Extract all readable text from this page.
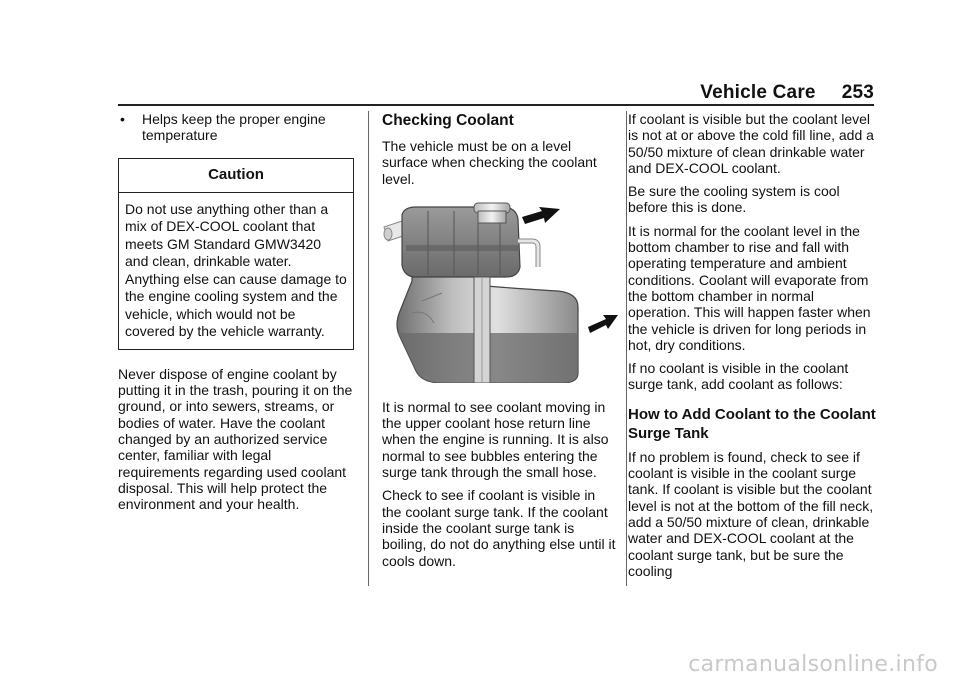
Vehicle Care 253
• Helps keep the proper engine temperature
Caution
Do not use anything other than a mix of DEX-COOL coolant that meets GM Standard GMW3420 and clean, drinkable water. Anything else can cause damage to the engine cooling system and the vehicle, which would not be covered by the vehicle warranty.

Never dispose of engine coolant by putting it in the trash, pouring it on the ground, or into sewers, streams, or bodies of water. Have the coolant changed by an authorized service center, familiar with legal requirements regarding used coolant disposal. This will help protect the environment and your health.

Checking Coolant

The vehicle must be on a level surface when checking the coolant level.

It is normal to see coolant moving in the upper coolant hose return line when the engine is running. It is also normal to see bubbles entering the surge tank through the small hose.

Check to see if coolant is visible in the coolant surge tank. If the coolant inside the coolant surge tank is boiling, do not do anything else until it cools down.

If coolant is visible but the coolant level is not at or above the cold fill line, add a 50/50 mixture of clean drinkable water and DEX-COOL coolant.

Be sure the cooling system is cool before this is done.

It is normal for the coolant level in the bottom chamber to rise and fall with operating temperature and ambient conditions. Coolant will evaporate from the bottom chamber in normal operation. This will happen faster when the vehicle is driven for long periods in hot, dry conditions.

If no coolant is visible in the coolant surge tank, add coolant as follows:

How to Add Coolant to the Coolant Surge Tank

If no problem is found, check to see if coolant is visible in the coolant surge tank. If coolant is visible but the coolant level is not at the bottom of the fill neck, add a 50/50 mixture of clean, drinkable water and DEX-COOL coolant at the coolant surge tank, but be sure the cooling

carmanualsonline.info
